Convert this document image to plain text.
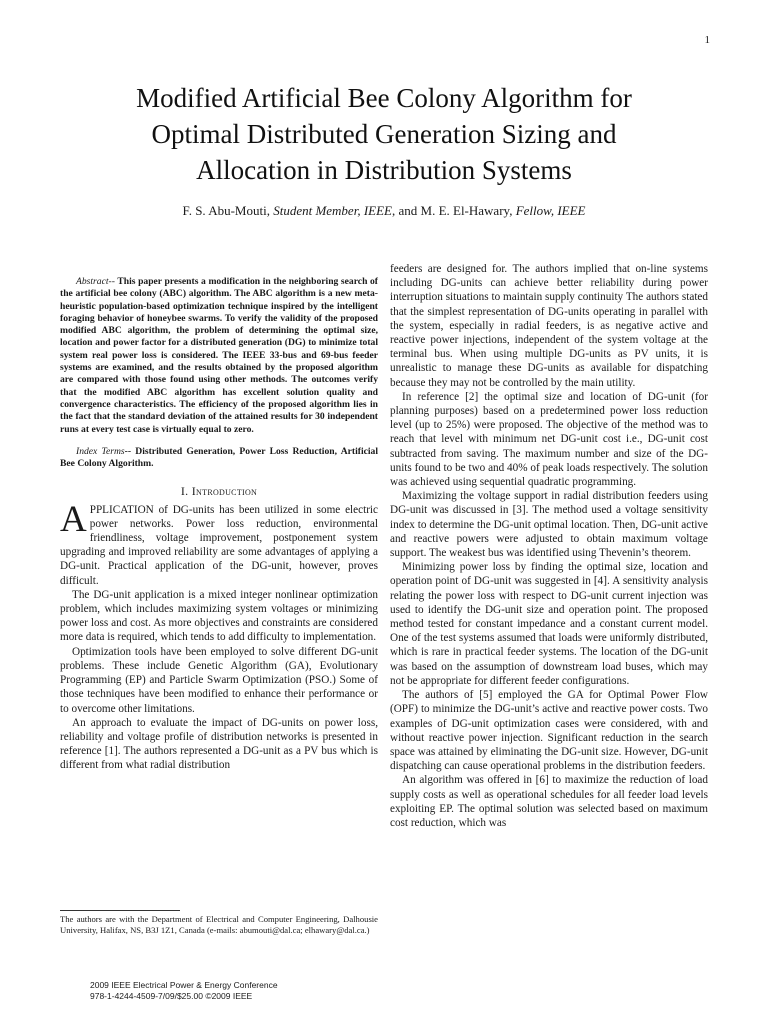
1
Modified Artificial Bee Colony Algorithm for
Optimal Distributed Generation Sizing and
Allocation in Distribution Systems
F. S. Abu-Mouti, Student Member, IEEE, and M. E. El-Hawary, Fellow, IEEE

Abstract-- This paper presents a modification in the neighboring search of the artificial bee colony (ABC) algorithm. The ABC algorithm is a new meta-heuristic population-based optimization technique inspired by the intelligent foraging behavior of honeybee swarms. To verify the validity of the proposed modified ABC algorithm, the problem of determining the optimal size, location and power factor for a distributed generation (DG) to minimize total system real power loss is considered. The IEEE 33-bus and 69-bus feeder systems are examined, and the results obtained by the proposed algorithm are compared with those found using other methods. The outcomes verify that the modified ABC algorithm has excellent solution quality and convergence characteristics. The efficiency of the proposed algorithm lies in the fact that the standard deviation of the attained results for 30 independent runs at every test case is virtually equal to zero.

Index Terms-- Distributed Generation, Power Loss Reduction, Artificial Bee Colony Algorithm.

I. Introduction

APPLICATION of DG-units has been utilized in some electric power networks. Power loss reduction, environmental friendliness, voltage improvement, postponement system upgrading and improved reliability are some advantages of applying a DG-unit. Practical application of the DG-unit, however, proves difficult.

The DG-unit application is a mixed integer nonlinear optimization problem, which includes maximizing system voltages or minimizing power loss and cost. As more objectives and constraints are considered more data is required, which tends to add difficulty to implementation.

Optimization tools have been employed to solve different DG-unit problems. These include Genetic Algorithm (GA), Evolutionary Programming (EP) and Particle Swarm Optimization (PSO.) Some of those techniques have been modified to enhance their performance or to overcome other limitations.

An approach to evaluate the impact of DG-units on power loss, reliability and voltage profile of distribution networks is presented in reference [1]. The authors represented a DG-unit as a PV bus which is different from what radial distribution

feeders are designed for. The authors implied that on-line systems including DG-units can achieve better reliability during power interruption situations to maintain supply continuity The authors stated that the simplest representation of DG-units operating in parallel with the system, especially in radial feeders, is as negative active and reactive power injections, independent of the system voltage at the terminal bus. When using multiple DG-units as PV units, it is unrealistic to manage these DG-units as available for dispatching because they may not be controlled by the main utility.

In reference [2] the optimal size and location of DG-unit (for planning purposes) based on a predetermined power loss reduction level (up to 25%) were proposed. The objective of the method was to reach that level with minimum net DG-unit cost i.e., DG-unit cost subtracted from saving. The maximum number and size of the DG-units found to be two and 40% of peak loads respectively. The solution was achieved using sequential quadratic programming.

Maximizing the voltage support in radial distribution feeders using DG-unit was discussed in [3]. The method used a voltage sensitivity index to determine the DG-unit optimal location. Then, DG-unit active and reactive powers were adjusted to obtain maximum voltage support. The weakest bus was identified using Thevenin’s theorem.

Minimizing power loss by finding the optimal size, location and operation point of DG-unit was suggested in [4]. A sensitivity analysis relating the power loss with respect to DG-unit current injection was used to identify the DG-unit size and operation point. The proposed method tested for constant impedance and a constant current model. One of the test systems assumed that loads were uniformly distributed, which is rare in practical feeder systems. The location of the DG-unit was based on the assumption of downstream load buses, which may not be appropriate for different feeder configurations.

The authors of [5] employed the GA for Optimal Power Flow (OPF) to minimize the DG-unit’s active and reactive power costs. Two examples of DG-unit optimization cases were considered, with and without reactive power injection. Significant reduction in the search space was attained by eliminating the DG-unit size. However, DG-unit dispatching can cause operational problems in the distribution feeders.

An algorithm was offered in [6] to maximize the reduction of load supply costs as well as operational schedules for all feeder load levels exploiting EP. The optimal solution was selected based on maximum cost reduction, which was

The authors are with the Department of Electrical and Computer Engineering, Dalhousie University, Halifax, NS, B3J 1Z1, Canada (e-mails: abumouti@dal.ca; elhawary@dal.ca.)
2009 IEEE Electrical Power & Energy Conference
978-1-4244-4509-7/09/$25.00 ©2009 IEEE
